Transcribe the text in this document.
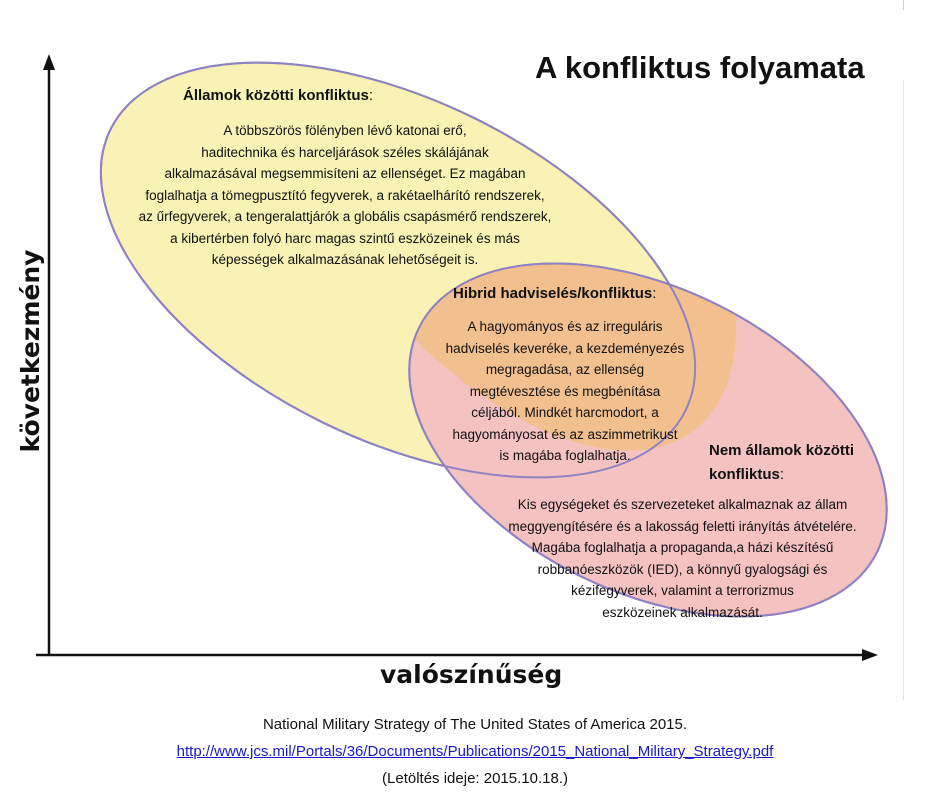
A konfliktus folyamata
következmény
valószínűség
Államok közötti konfliktus:
A többszörös fölényben lévő katonai erő,
haditechnika és harceljárások széles skálájának
alkalmazásával megsemmisíteni az ellenséget. Ez magában
foglalhatja a tömegpusztító fegyverek, a rakétaelhárító rendszerek,
az űrfegyverek, a tengeralattjárók a globális csapásmérő rendszerek,
a kibertérben folyó harc magas szintű eszközeinek és más
képességek alkalmazásának lehetőségeit is.
Hibrid hadviselés/konfliktus:
A hagyományos és az irreguláris
hadviselés keveréke, a kezdeményezés
megragadása, az ellenség
megtévesztése és megbénítása
céljából. Mindkét harcmodort, a
hagyományosat és az aszimmetrikust
is magába foglalhatja.	Nem államok közötti
konfliktus:
Kis egységeket és szervezeteket alkalmaznak az állam
meggyengítésére és a lakosság feletti irányítás átvételére.
Magába foglalhatja a propaganda,a házi készítésű
robbanóeszközök (IED), a könnyű gyalogsági és
kézifegyverek, valamint a terrorizmus
eszközeinek alkalmazását.
National Military Strategy of The United States of America 2015.
http://www.jcs.mil/Portals/36/Documents/Publications/2015_National_Military_Strategy.pdf
(Letöltés ideje: 2015.10.18.)
